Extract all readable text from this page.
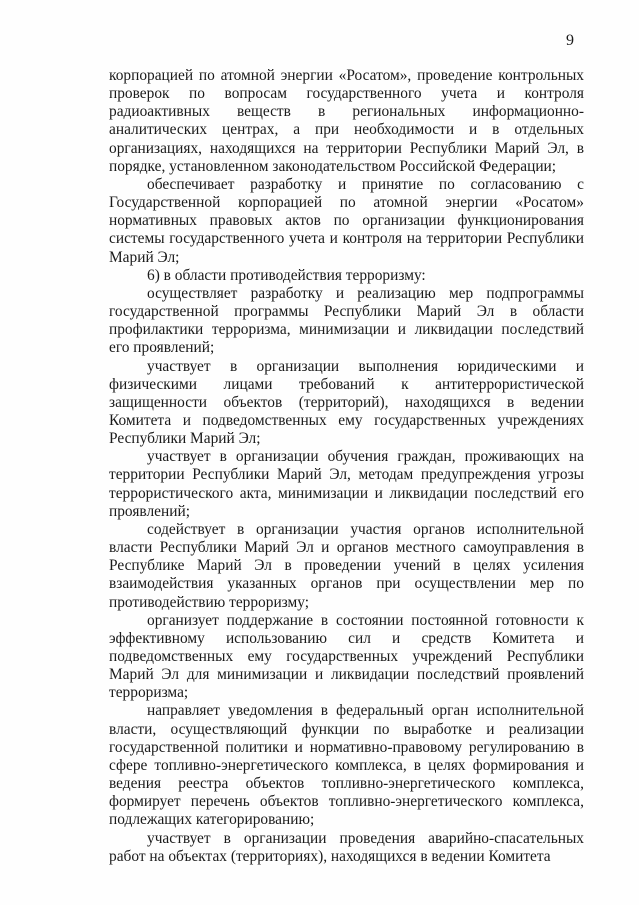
9

корпорацией по атомной энергии «Росатом», проведение контрольных проверок по вопросам государственного учета и контроля радиоактивных веществ в региональных информационно-аналитических центрах, а при необходимости и в отдельных организациях, находящихся на территории Республики Марий Эл, в порядке, установленном законодательством Российской Федерации;

обеспечивает разработку и принятие по согласованию с Государственной корпорацией по атомной энергии «Росатом» нормативных правовых актов по организации функционирования системы государственного учета и контроля на территории Республики Марий Эл;

6) в области противодействия терроризму:

осуществляет разработку и реализацию мер подпрограммы государственной программы Республики Марий Эл в области профилактики терроризма, минимизации и ликвидации последствий его проявлений;

участвует в организации выполнения юридическими и физическими лицами требований к антитеррористической защищенности объектов (территорий), находящихся в ведении Комитета и подведомственных ему государственных учреждениях Республики Марий Эл;

участвует в организации обучения граждан, проживающих на территории Республики Марий Эл, методам предупреждения угрозы террористического акта, минимизации и ликвидации последствий его проявлений;

содействует в организации участия органов исполнительной власти Республики Марий Эл и органов местного самоуправления в Республике Марий Эл в проведении учений в целях усиления взаимодействия указанных органов при осуществлении мер по противодействию терроризму;

организует поддержание в состоянии постоянной готовности к эффективному использованию сил и средств Комитета и подведомственных ему государственных учреждений Республики Марий Эл для минимизации и ликвидации последствий проявлений терроризма;

направляет уведомления в федеральный орган исполнительной власти, осуществляющий функции по выработке и реализации государственной политики и нормативно-правовому регулированию в сфере топливно-энергетического комплекса, в целях формирования и ведения реестра объектов топливно-энергетического комплекса, формирует перечень объектов топливно-энергетического комплекса, подлежащих категорированию;

участвует в организации проведения аварийно-спасательных работ на объектах (территориях), находящихся в ведении Комитета
